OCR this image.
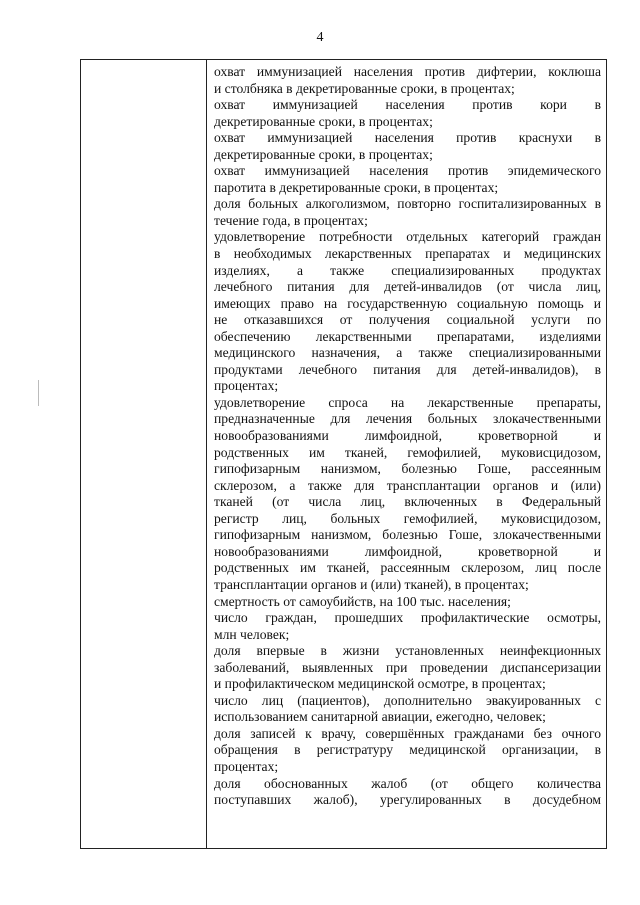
4

охват иммунизацией населения против дифтерии, коклюша
и столбняка в декретированные сроки, в процентах;

охват иммунизацией населения против кори в
декретированные сроки, в процентах;

охват иммунизацией населения против краснухи в
декретированные сроки, в процентах;

охват иммунизацией населения против эпидемического
паротита в декретированные сроки, в процентах;

доля больных алкоголизмом, повторно госпитализированных в
течение года, в процентах;

удовлетворение потребности отдельных категорий граждан
в необходимых лекарственных препаратах и медицинских
изделиях, а также специализированных продуктах
лечебного питания для детей-инвалидов (от числа лиц,
имеющих право на государственную социальную помощь и
не отказавшихся от получения социальной услуги по
обеспечению лекарственными препаратами, изделиями
медицинского назначения, а также специализированными
продуктами лечебного питания для детей-инвалидов), в
процентах;

удовлетворение спроса на лекарственные препараты,
предназначенные для лечения больных злокачественными
новообразованиями лимфоидной, кроветворной и
родственных им тканей, гемофилией, муковисцидозом,
гипофизарным нанизмом, болезнью Гоше, рассеянным
склерозом, а также для трансплантации органов и (или)
тканей (от числа лиц, включенных в Федеральный
регистр лиц, больных гемофилией, муковисцидозом,
гипофизарным нанизмом, болезнью Гоше, злокачественными
новообразованиями лимфоидной, кроветворной и
родственных им тканей, рассеянным склерозом, лиц после
трансплантации органов и (или) тканей), в процентах;

смертность от самоубийств, на 100 тыс. населения;

число граждан, прошедших профилактические осмотры,
млн человек;

доля впервые в жизни установленных неинфекционных
заболеваний, выявленных при проведении диспансеризации
и профилактическом медицинской осмотре, в процентах;

число лиц (пациентов), дополнительно эвакуированных с
использованием санитарной авиации, ежегодно, человек;

доля записей к врачу, совершённых гражданами без очного
обращения в регистратуру медицинской организации, в
процентах;

доля обоснованных жалоб (от общего количества
поступавших жалоб), урегулированных в досудебном
